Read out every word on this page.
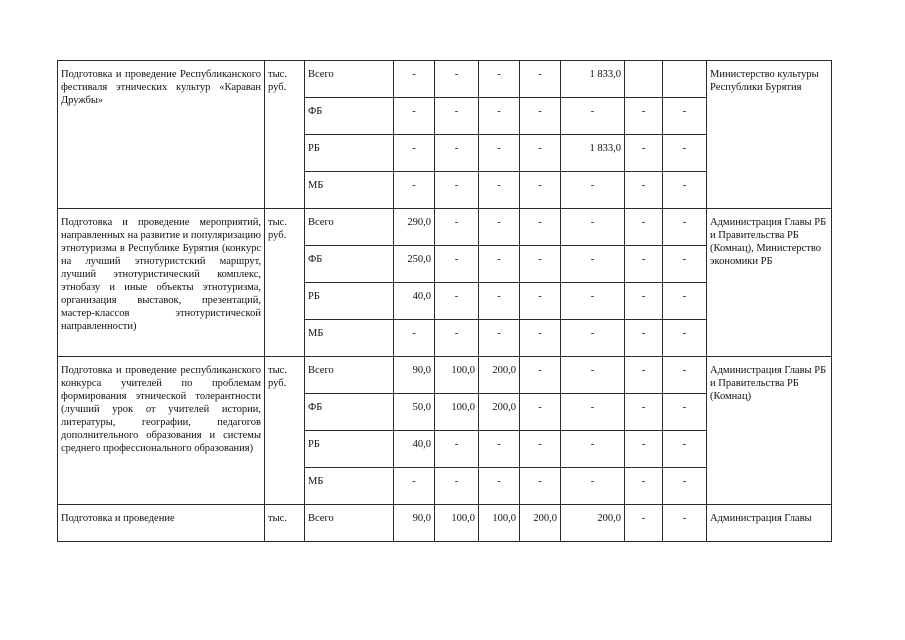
Подготовка и проведение Республиканского фестиваля этнических культур «Караван Дружбы»	тыс. руб.	Всего	-	-	-	-	1 833,0			Министерство культуры Республики Бурятия
		ФБ	-	-	-	-	-	-	-	
		РБ	-	-	-	-	1 833,0	-	-	
		МБ	-	-	-	-	-	-	-	
Подготовка и проведение мероприятий, направленных на развитие и популяризацию этнотуризма в Республике Бурятия (конкурс на лучший этнотуристский маршрут, лучший этнотуристический комплекс, этнобазу и иные объекты этнотуризма, организация выставок, презентаций, мастер-классов этнотуристической направленности)	тыс. руб.	Всего	290,0	-	-	-	-	-	-	Администрация Главы РБ и Правительства РБ (Комнац), Министерство экономики РБ
		ФБ	250,0	-	-	-	-	-	-	
		РБ	40,0	-	-	-	-	-	-	
		МБ	-	-	-	-	-	-	-	
Подготовка и проведение республиканского конкурса учителей по проблемам формирования этнической толерантности (лучший урок от учителей истории, литературы, географии, педагогов дополнительного образования и системы среднего профессионального образования)	тыс. руб.	Всего	90,0	100,0	200,0	-	-	-	-	Администрация Главы РБ и Правительства РБ (Комнац)
		ФБ	50,0	100,0	200,0	-	-	-	-	
		РБ	40,0	-	-	-	-	-	-	
		МБ	-	-	-	-	-	-	-	
Подготовка и проведение	тыс.	Всего	90,0	100,0	100,0	200,0	200,0	-	-	Администрация Главы
